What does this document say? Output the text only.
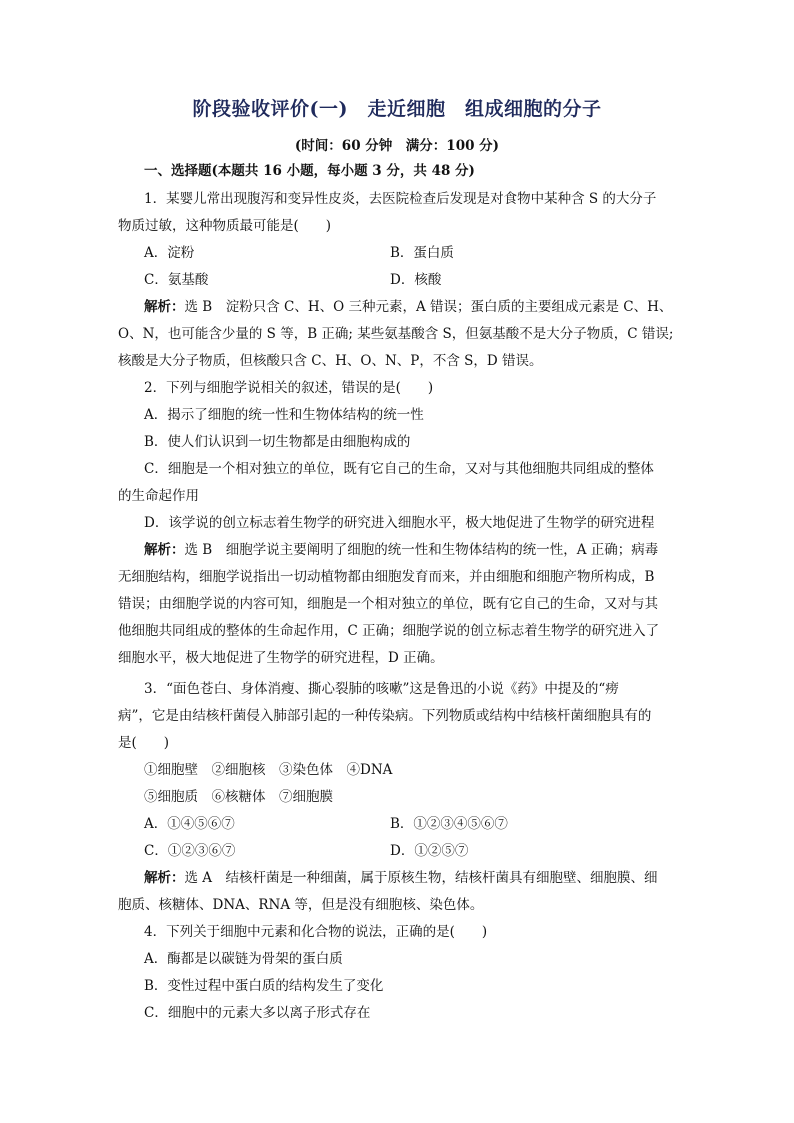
阶段验收评价(一)　走近细胞　组成细胞的分子
(时间：60 分钟　满分：100 分)
一、选择题(本题共 16 小题，每小题 3 分，共 48 分)
1．某婴儿常出现腹泻和变异性皮炎，去医院检查后发现是对食物中某种含 S 的大分子
物质过敏，这种物质最可能是(　　)
A．淀粉	B．蛋白质
C．氨基酸	D．核酸
解析：选 B　淀粉只含 C、H、O 三种元素，A 错误；蛋白质的主要组成元素是 C、H、
O、N，也可能含少量的 S 等，B 正确; 某些氨基酸含 S，但氨基酸不是大分子物质，C 错误;
核酸是大分子物质，但核酸只含 C、H、O、N、P，不含 S，D 错误。
2．下列与细胞学说相关的叙述，错误的是(　　)
A．揭示了细胞的统一性和生物体结构的统一性
B．使人们认识到一切生物都是由细胞构成的
C．细胞是一个相对独立的单位，既有它自己的生命，又对与其他细胞共同组成的整体
的生命起作用
D．该学说的创立标志着生物学的研究进入细胞水平，极大地促进了生物学的研究进程
解析：选 B　细胞学说主要阐明了细胞的统一性和生物体结构的统一性，A 正确；病毒
无细胞结构，细胞学说指出一切动植物都由细胞发育而来，并由细胞和细胞产物所构成，B
错误；由细胞学说的内容可知，细胞是一个相对独立的单位，既有它自己的生命，又对与其
他细胞共同组成的整体的生命起作用，C 正确；细胞学说的创立标志着生物学的研究进入了
细胞水平，极大地促进了生物学的研究进程，D 正确。
3．“面色苍白、身体消瘦、撕心裂肺的咳嗽”这是鲁迅的小说《药》中提及的“痨
病”，它是由结核杆菌侵入肺部引起的一种传染病。下列物质或结构中结核杆菌细胞具有的
是(　　)
①细胞壁　②细胞核　③染色体　④DNA
⑤细胞质　⑥核糖体　⑦细胞膜
A．①④⑤⑥⑦	B．①②③④⑤⑥⑦
C．①②③⑥⑦	D．①②⑤⑦
解析：选 A　结核杆菌是一种细菌，属于原核生物，结核杆菌具有细胞壁、细胞膜、细
胞质、核糖体、DNA、RNA 等，但是没有细胞核、染色体。
4．下列关于细胞中元素和化合物的说法，正确的是(　　)
A．酶都是以碳链为骨架的蛋白质
B．变性过程中蛋白质的结构发生了变化
C．细胞中的元素大多以离子形式存在
